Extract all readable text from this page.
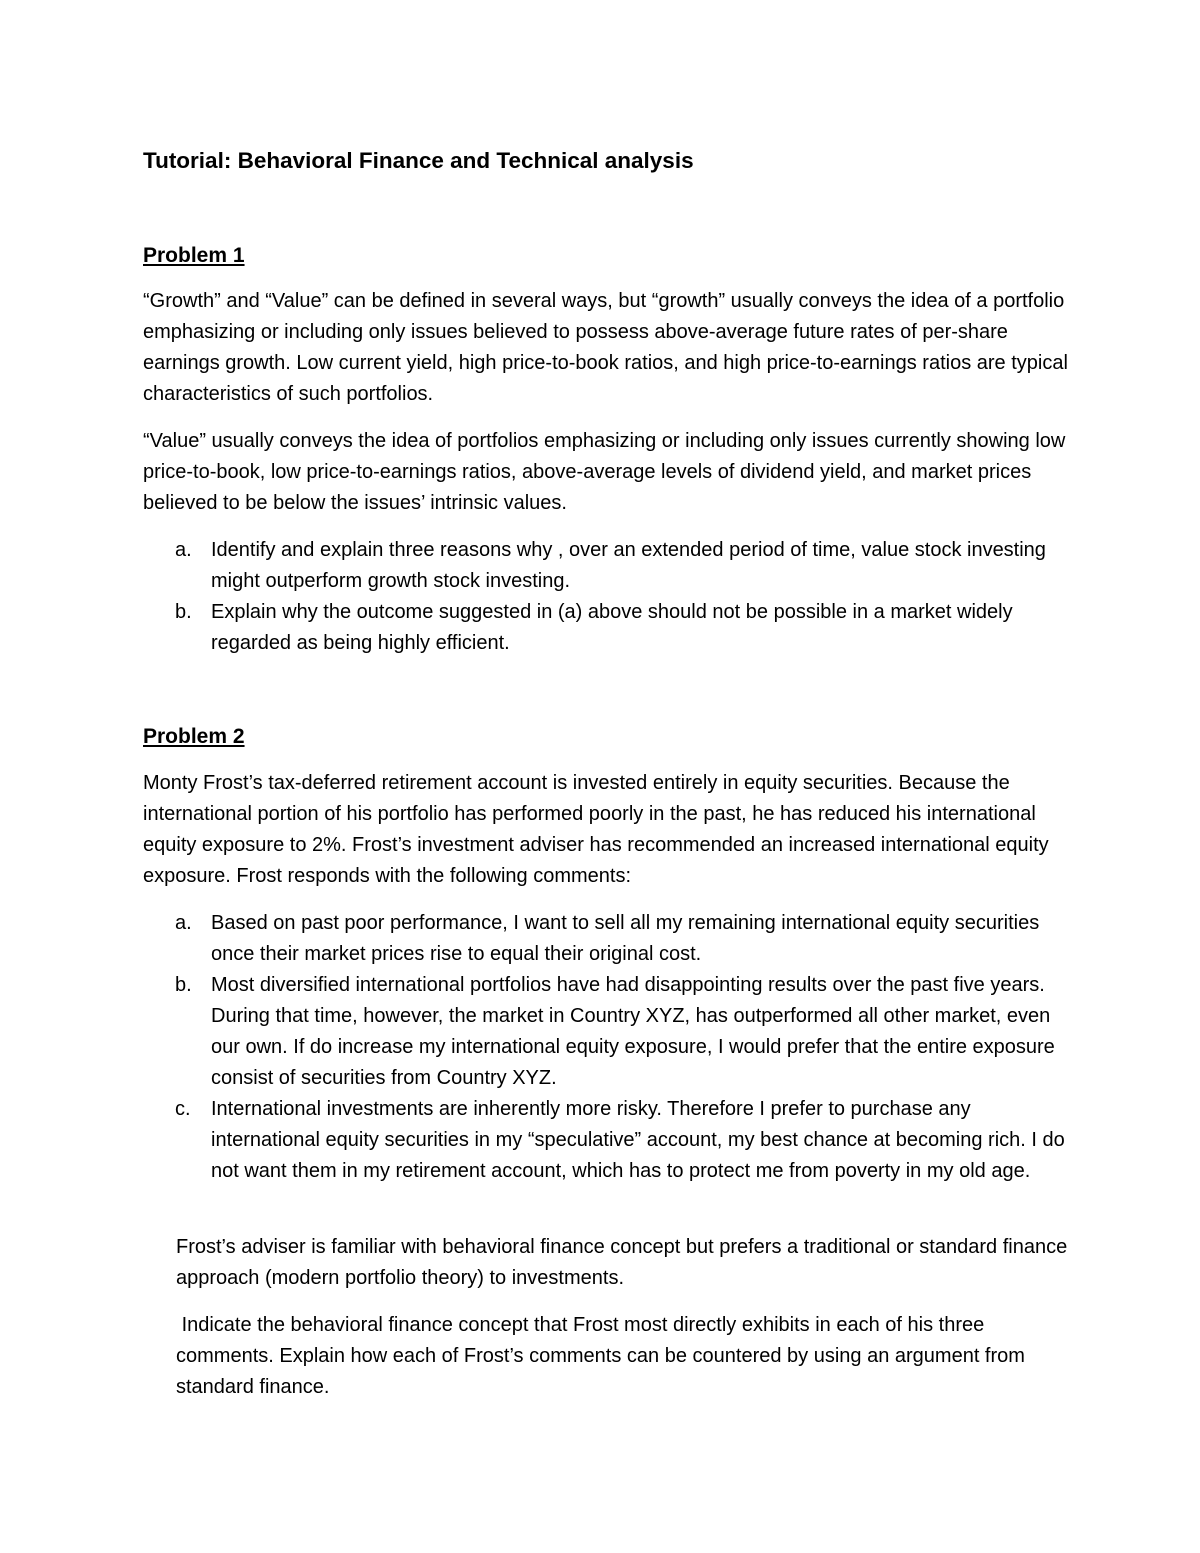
Tutorial: Behavioral Finance and Technical analysis
Problem 1

“Growth” and “Value” can be defined in several ways, but “growth” usually conveys the idea of a portfolio emphasizing or including only issues believed to possess above-average future rates of per-share earnings growth. Low current yield, high price-to-book ratios, and high price-to-earnings ratios are typical characteristics of such portfolios.

“Value” usually conveys the idea of portfolios emphasizing or including only issues currently showing low price-to-book, low price-to-earnings ratios, above-average levels of dividend yield, and market prices believed to be below the issues’ intrinsic values.

a. Identify and explain three reasons why , over an extended period of time, value stock investing might outperform growth stock investing.
b. Explain why the outcome suggested in (a) above should not be possible in a market widely regarded as being highly efficient.
Problem 2

Monty Frost’s tax-deferred retirement account is invested entirely in equity securities. Because the international portion of his portfolio has performed poorly in the past, he has reduced his international equity exposure to 2%. Frost’s investment adviser has recommended an increased international equity exposure. Frost responds with the following comments:

a. Based on past poor performance, I want to sell all my remaining international equity securities once their market prices rise to equal their original cost.
b. Most diversified international portfolios have had disappointing results over the past five years. During that time, however, the market in Country XYZ, has outperformed all other market, even our own. If do increase my international equity exposure, I would prefer that the entire exposure consist of securities from Country XYZ.
c. International investments are inherently more risky. Therefore I prefer to purchase any international equity securities in my “speculative” account, my best chance at becoming rich. I do not want them in my retirement account, which has to protect me from poverty in my old age.

Frost’s adviser is familiar with behavioral finance concept but prefers a traditional or standard finance approach (modern portfolio theory) to investments.

Indicate the behavioral finance concept that Frost most directly exhibits in each of his three comments. Explain how each of Frost’s comments can be countered by using an argument from standard finance.
